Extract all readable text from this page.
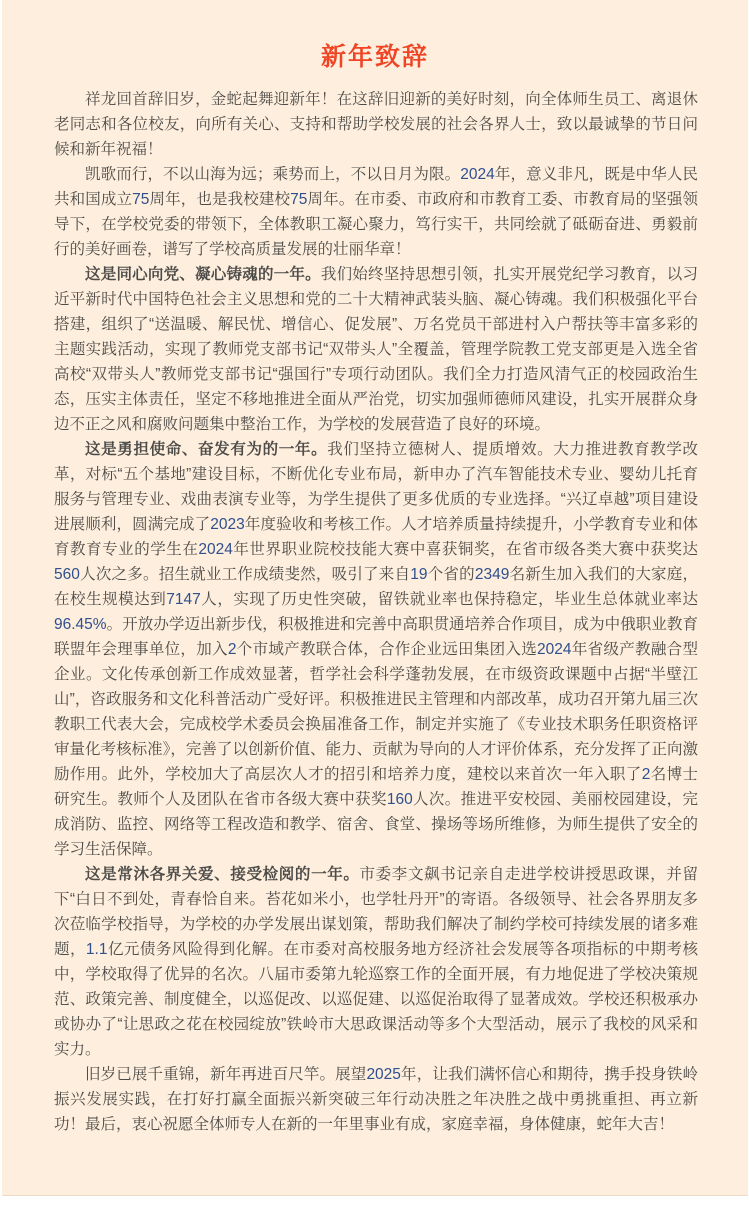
新年致辞

祥龙回首辞旧岁，金蛇起舞迎新年！在这辞旧迎新的美好时刻，向全体师生员工、离退休老同志和各位校友，向所有关心、支持和帮助学校发展的社会各界人士，致以最诚挚的节日问候和新年祝福！

凯歌而行，不以山海为远；乘势而上，不以日月为限。2024年，意义非凡，既是中华人民共和国成立75周年，也是我校建校75周年。在市委、市政府和市教育工委、市教育局的坚强领导下，在学校党委的带领下，全体教职工凝心聚力，笃行实干，共同绘就了砥砺奋进、勇毅前行的美好画卷，谱写了学校高质量发展的壮丽华章！

这是同心向党、凝心铸魂的一年。我们始终坚持思想引领，扎实开展党纪学习教育，以习近平新时代中国特色社会主义思想和党的二十大精神武装头脑、凝心铸魂。我们积极强化平台搭建，组织了“送温暖、解民忧、增信心、促发展”、万名党员干部进村入户帮扶等丰富多彩的主题实践活动，实现了教师党支部书记“双带头人”全覆盖，管理学院教工党支部更是入选全省高校“双带头人”教师党支部书记“强国行”专项行动团队。我们全力打造风清气正的校园政治生态，压实主体责任，坚定不移地推进全面从严治党，切实加强师德师风建设，扎实开展群众身边不正之风和腐败问题集中整治工作，为学校的发展营造了良好的环境。

这是勇担使命、奋发有为的一年。我们坚持立德树人、提质增效。大力推进教育教学改革，对标“五个基地”建设目标，不断优化专业布局，新申办了汽车智能技术专业、婴幼儿托育服务与管理专业、戏曲表演专业等，为学生提供了更多优质的专业选择。“兴辽卓越”项目建设进展顺利，圆满完成了2023年度验收和考核工作。人才培养质量持续提升，小学教育专业和体育教育专业的学生在2024年世界职业院校技能大赛中喜获铜奖，在省市级各类大赛中获奖达560人次之多。招生就业工作成绩斐然，吸引了来自19个省的2349名新生加入我们的大家庭，在校生规模达到7147人，实现了历史性突破，留铁就业率也保持稳定，毕业生总体就业率达96.45%。开放办学迈出新步伐，积极推进和完善中高职贯通培养合作项目，成为中俄职业教育联盟年会理事单位，加入2个市域产教联合体，合作企业远田集团入选2024年省级产教融合型企业。文化传承创新工作成效显著，哲学社会科学蓬勃发展，在市级资政课题中占据“半壁江山”，咨政服务和文化科普活动广受好评。积极推进民主管理和内部改革，成功召开第九届三次教职工代表大会，完成校学术委员会换届准备工作，制定并实施了《专业技术职务任职资格评审量化考核标准》，完善了以创新价值、能力、贡献为导向的人才评价体系，充分发挥了正向激励作用。此外，学校加大了高层次人才的招引和培养力度，建校以来首次一年入职了2名博士研究生。教师个人及团队在省市各级大赛中获奖160人次。推进平安校园、美丽校园建设，完成消防、监控、网络等工程改造和教学、宿舍、食堂、操场等场所维修，为师生提供了安全的学习生活保障。

这是常沐各界关爱、接受检阅的一年。市委李文飙书记亲自走进学校讲授思政课，并留下“白日不到处，青春恰自来。苔花如米小，也学牡丹开”的寄语。各级领导、社会各界朋友多次莅临学校指导，为学校的办学发展出谋划策，帮助我们解决了制约学校可持续发展的诸多难题，1.1亿元债务风险得到化解。在市委对高校服务地方经济社会发展等各项指标的中期考核中，学校取得了优异的名次。八届市委第九轮巡察工作的全面开展，有力地促进了学校决策规范、政策完善、制度健全，以巡促改、以巡促建、以巡促治取得了显著成效。学校还积极承办或协办了“让思政之花在校园绽放”铁岭市大思政课活动等多个大型活动，展示了我校的风采和实力。

旧岁已展千重锦，新年再进百尺竿。展望2025年，让我们满怀信心和期待，携手投身铁岭振兴发展实践，在打好打赢全面振兴新突破三年行动决胜之年决胜之战中勇挑重担、再立新功！最后，衷心祝愿全体师专人在新的一年里事业有成，家庭幸福，身体健康，蛇年大吉！
